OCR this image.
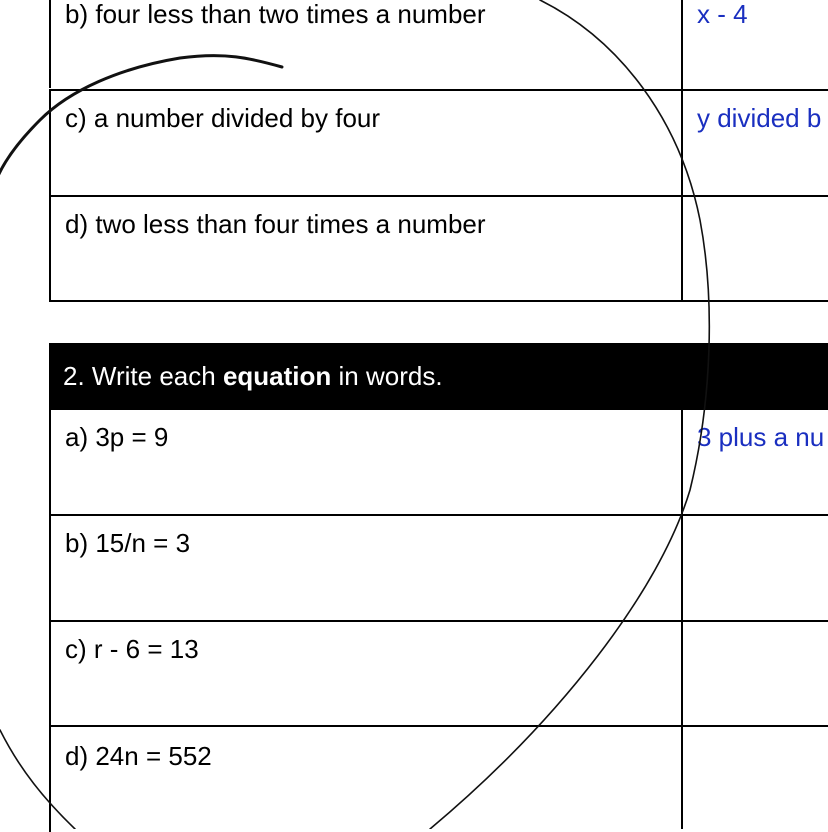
b) four less than two times a number	x - 4
c) a number divided by four	y divided b
d) two less than four times a number
2. Write each equation in words.
a) 3p = 9	3 plus a nu
b) 15/n = 3
c) r - 6 = 13
d) 24n = 552
